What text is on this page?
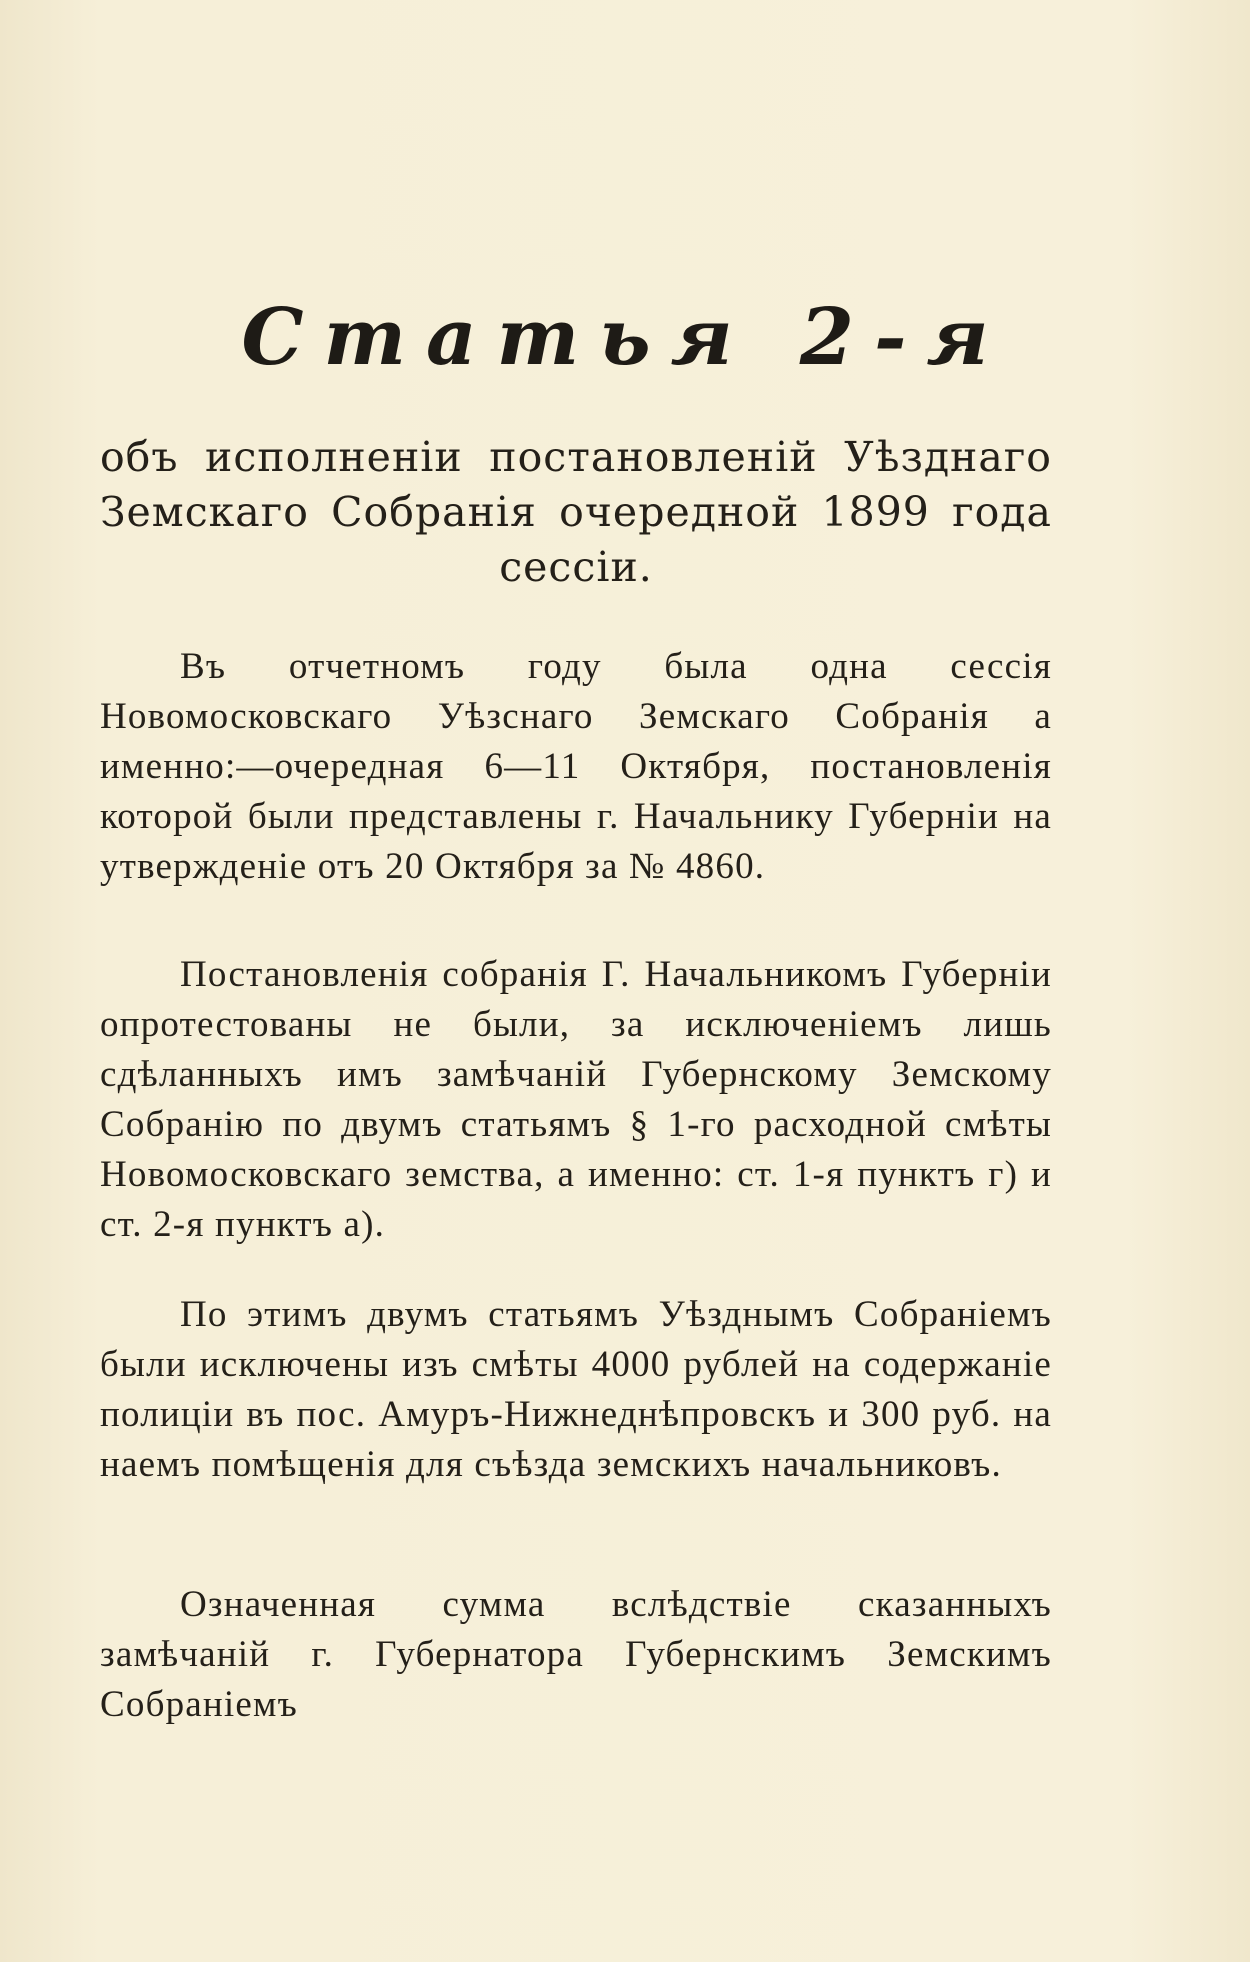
Статья 2-я
объ исполненіи постановленій Уѣзднаго Земскаго Собранія очередной 1899 года сессіи.
Въ отчетномъ году была одна сессія Новомосковскаго Уѣзснаго Земскаго Собранія а именно:—очередная 6—11 Октября, постановленія которой были представлены г. Начальнику Губерніи на утвержденіе отъ 20 Октября за № 4860.
Постановленія собранія Г. Начальникомъ Губерніи опротестованы не были, за исключеніемъ лишь сдѣланныхъ имъ замѣчаній Губернскому Земскому Собранію по двумъ статьямъ § 1-го расходной смѣты Новомосковскаго земства, а именно: ст. 1-я пунктъ г) и ст. 2-я пунктъ а).
По этимъ двумъ статьямъ Уѣзднымъ Собраніемъ были исключены изъ смѣты 4000 рублей на содержаніе полиціи въ пос. Амуръ-Нижнеднѣпровскъ и 300 руб. на наемъ помѣщенія для съѣзда земскихъ начальниковъ.
Означенная сумма вслѣдствіе сказанныхъ замѣчаній г. Губернатора Губернскимъ Земскимъ Собраніемъ
